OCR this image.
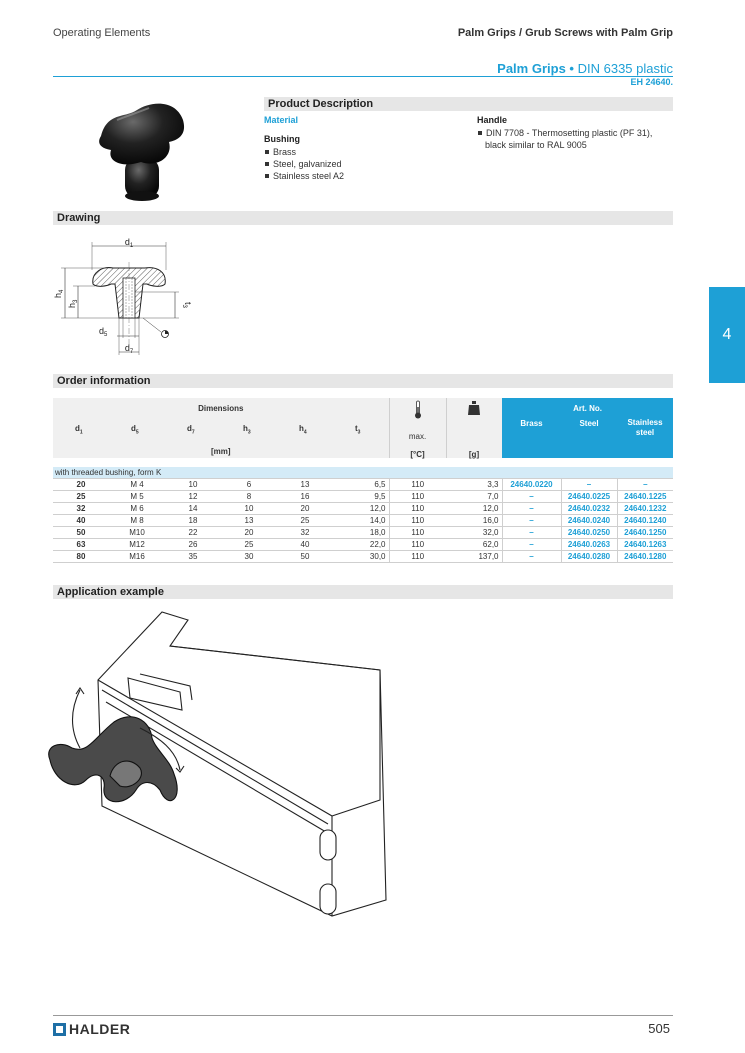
Operating Elements	Palm Grips / Grub Screws with Palm Grip
Palm Grips • DIN 6335 plastic
EH 24640.
4
Product Description
Material
Bushing
Brass
Steel, galvanized
Stainless steel A2
Handle
DIN 7708 - Thermosetting plastic (PF 31),
black similar to RAL 9005
Drawing
$d_1$
$h_4$
$h_3$
$t_3$
$d_5$
$d_7$
Order information
Dimensions						max.		Art. No.		
$d_1$	$d_5$	$d_7$	$h_3$	$h_4$	$t_3$			Brass	Steel	Stainless
steel
[mm]											[°C]	[g]
with threaded bushing, form K										
20	M 4	10	6	13	6,5	110	3,3	24640.0220	–	–
25	M 5	12	8	16	9,5	110	7,0	–	24640.0225	24640.1225
32	M 6	14	10	20	12,0	110	12,0	–	24640.0232	24640.1232
40	M 8	18	13	25	14,0	110	16,0	–	24640.0240	24640.1240
50	M10	22	20	32	18,0	110	32,0	–	24640.0250	24640.1250
63	M12	26	25	40	22,0	110	62,0	–	24640.0263	24640.1263
80	M16	35	30	50	30,0	110	137,0	–	24640.0280	24640.1280
Application example
HALDER	505
